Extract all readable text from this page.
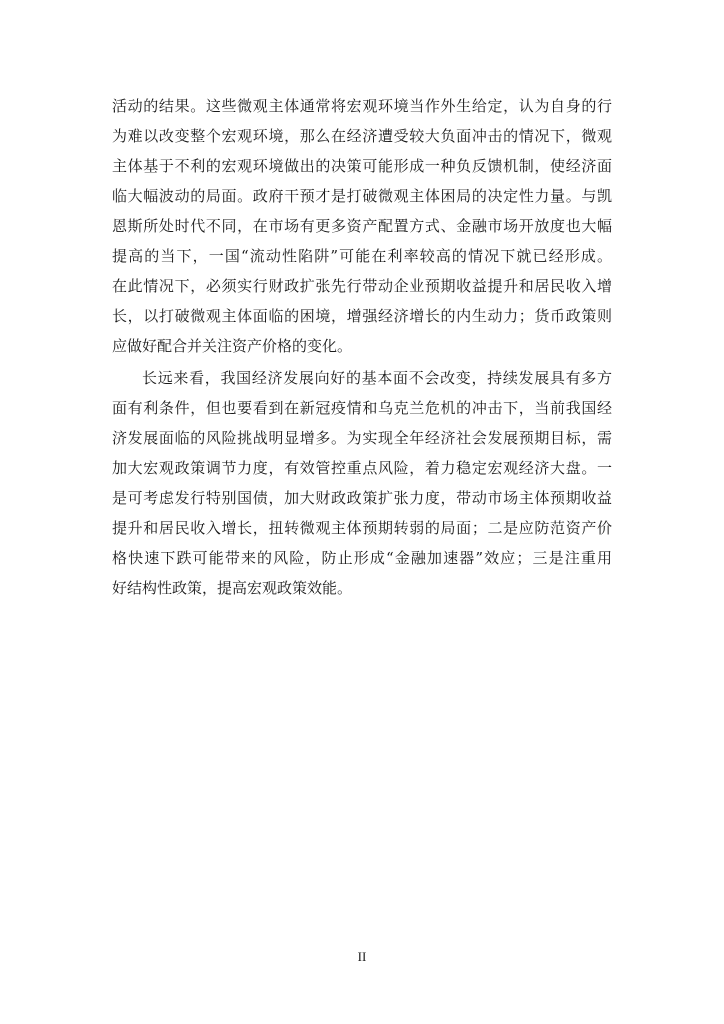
活动的结果。这些微观主体通常将宏观环境当作外生给定，认为自身的行
为难以改变整个宏观环境，那么在经济遭受较大负面冲击的情况下，微观
主体基于不利的宏观环境做出的决策可能形成一种负反馈机制，使经济面
临大幅波动的局面。政府干预才是打破微观主体困局的决定性力量。与凯
恩斯所处时代不同，在市场有更多资产配置方式、金融市场开放度也大幅
提高的当下，一国“流动性陷阱”可能在利率较高的情况下就已经形成。
在此情况下，必须实行财政扩张先行带动企业预期收益提升和居民收入增
长，以打破微观主体面临的困境，增强经济增长的内生动力；货币政策则
应做好配合并关注资产价格的变化。
长远来看，我国经济发展向好的基本面不会改变，持续发展具有多方
面有利条件，但也要看到在新冠疫情和乌克兰危机的冲击下，当前我国经
济发展面临的风险挑战明显增多。为实现全年经济社会发展预期目标，需
加大宏观政策调节力度，有效管控重点风险，着力稳定宏观经济大盘。一
是可考虑发行特别国债，加大财政政策扩张力度，带动市场主体预期收益
提升和居民收入增长，扭转微观主体预期转弱的局面；二是应防范资产价
格快速下跌可能带来的风险，防止形成“金融加速器”效应；三是注重用
好结构性政策，提高宏观政策效能。
II
